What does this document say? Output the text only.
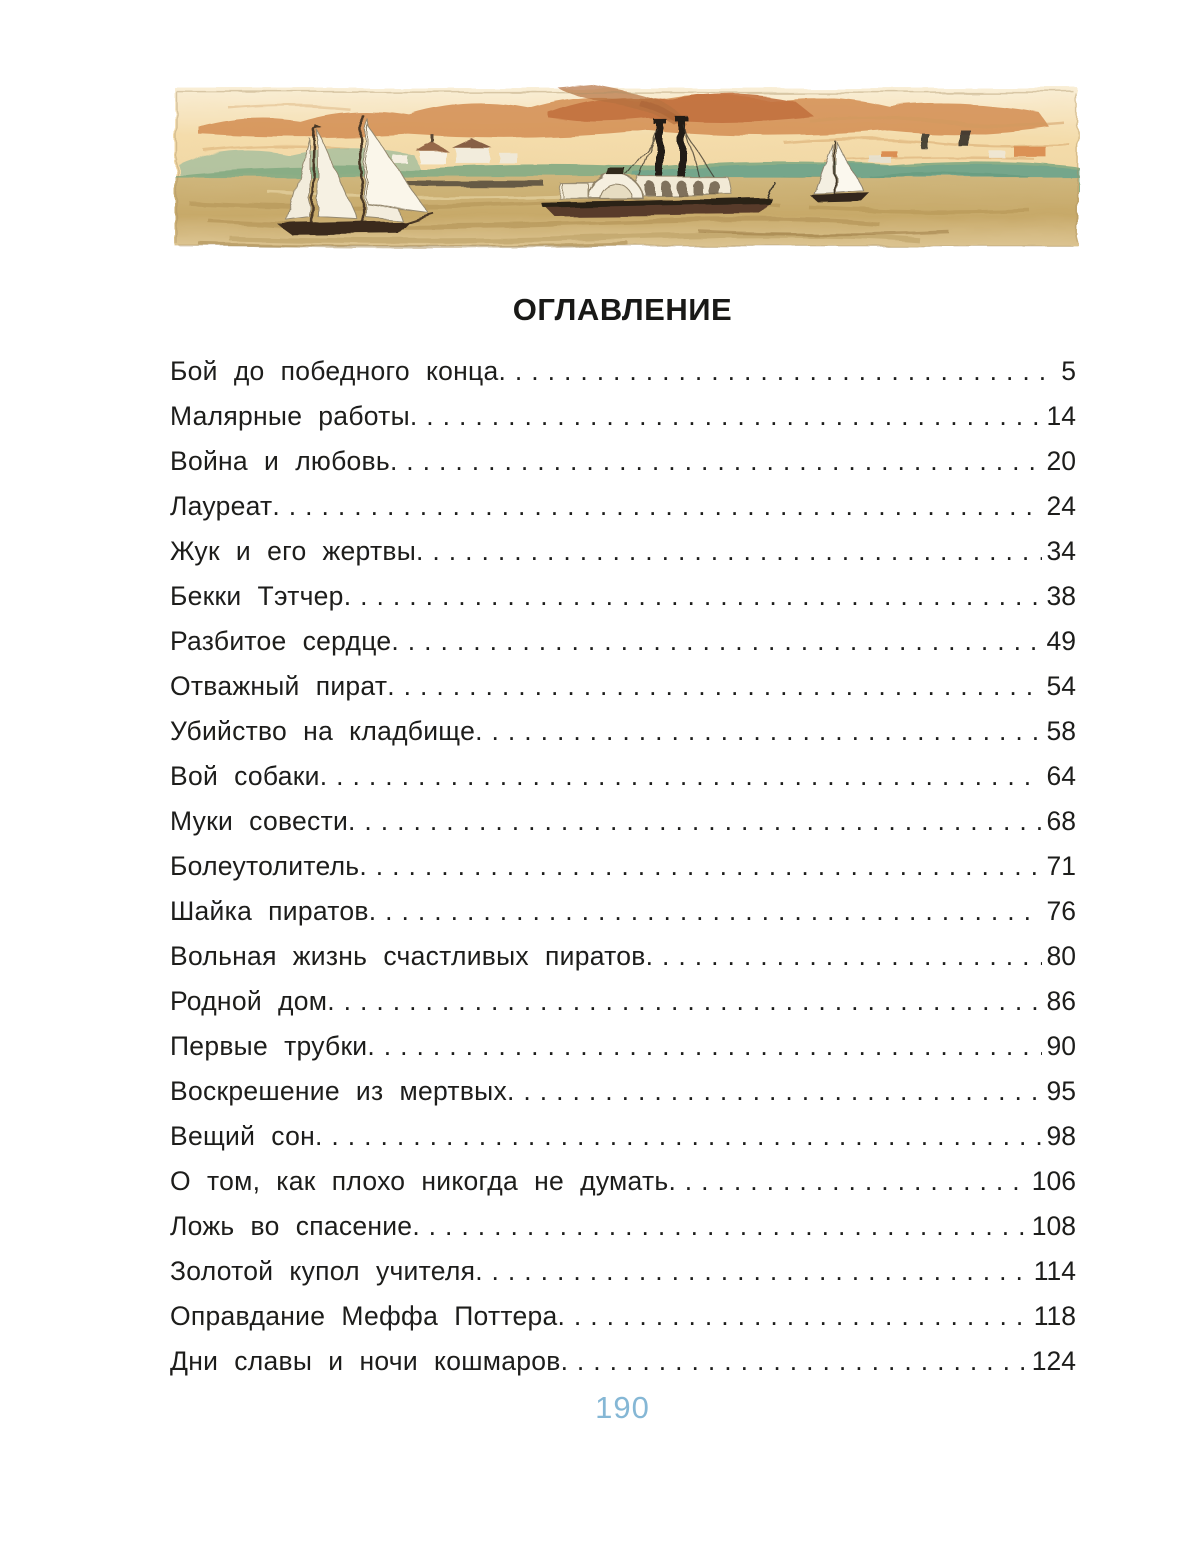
ОГЛАВЛЕНИЕ
Бой до победного конца .....	5
Малярные работы .....	14
Война и любовь .....	20
Лауреат .....	24
Жук и его жертвы .....	34
Бекки Тэтчер .....	38
Разбитое сердце .....	49
Отважный пират .....	54
Убийство на кладбище .....	58
Вой собаки .....	64
Муки совести .....	68
Болеутолитель .....	71
Шайка пиратов .....	76
Вольная жизнь счастливых пиратов .....	80
Родной дом .....	86
Первые трубки .....	90
Воскрешение из мертвых .....	95
Вещий сон .....	98
О том, как плохо никогда не думать .....	106
Ложь во спасение .....	108
Золотой купол учителя .....	114
Оправдание Меффа Поттера .....	118
Дни славы и ночи кошмаров .....	124
190
